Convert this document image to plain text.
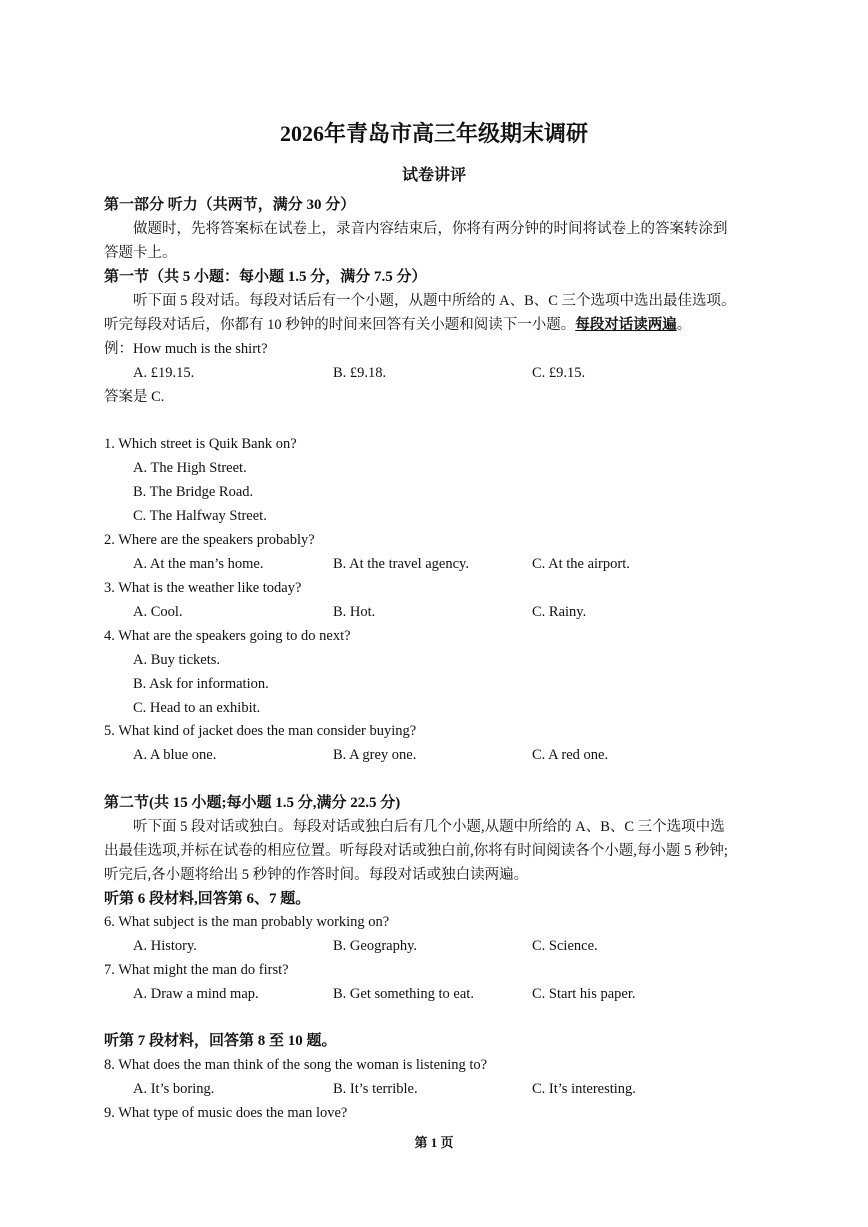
2026年青岛市高三年级期末调研
试卷讲评
第一部分 听力（共两节，满分 30 分）
做题时，先将答案标在试卷上，录音内容结束后，你将有两分钟的时间将试卷上的答案转涂到
答题卡上。
第一节（共 5 小题：每小题 1.5 分，满分 7.5 分）
听下面 5 段对话。每段对话后有一个小题，从题中所给的 A、B、C 三个选项中选出最佳选项。
听完每段对话后，你都有 10 秒钟的时间来回答有关小题和阅读下一小题。每段对话读两遍。
例：How much is the shirt?
A. £19.15.	B. £9.18.	C. £9.15.
答案是 C.
1. Which street is Quik Bank on?
A. The High Street.
B. The Bridge Road.
C. The Halfway Street.
2. Where are the speakers probably?
A. At the man’s home.	B. At the travel agency.	C. At the airport.
3. What is the weather like today?
A. Cool.	B. Hot.	C. Rainy.
4. What are the speakers going to do next?
A. Buy tickets.
B. Ask for information.
C. Head to an exhibit.
5. What kind of jacket does the man consider buying?
A. A blue one.	B. A grey one.	C. A red one.
第二节(共 15 小题;每小题 1.5 分,满分 22.5 分)
听下面 5 段对话或独白。每段对话或独白后有几个小题,从题中所给的 A、B、C 三个选项中选
出最佳选项,并标在试卷的相应位置。听每段对话或独白前,你将有时间阅读各个小题,每小题 5 秒钟;
听完后,各小题将给出 5 秒钟的作答时间。每段对话或独白读两遍。
听第 6 段材料,回答第 6、7 题。
6. What subject is the man probably working on?
A. History.	B. Geography.	C. Science.
7. What might the man do first?
A. Draw a mind map.	B. Get something to eat.	C. Start his paper.
听第 7 段材料，回答第 8 至 10 题。
8. What does the man think of the song the woman is listening to?
A. It’s boring.	B. It’s terrible.	C. It’s interesting.
9. What type of music does the man love?
第 1 页
